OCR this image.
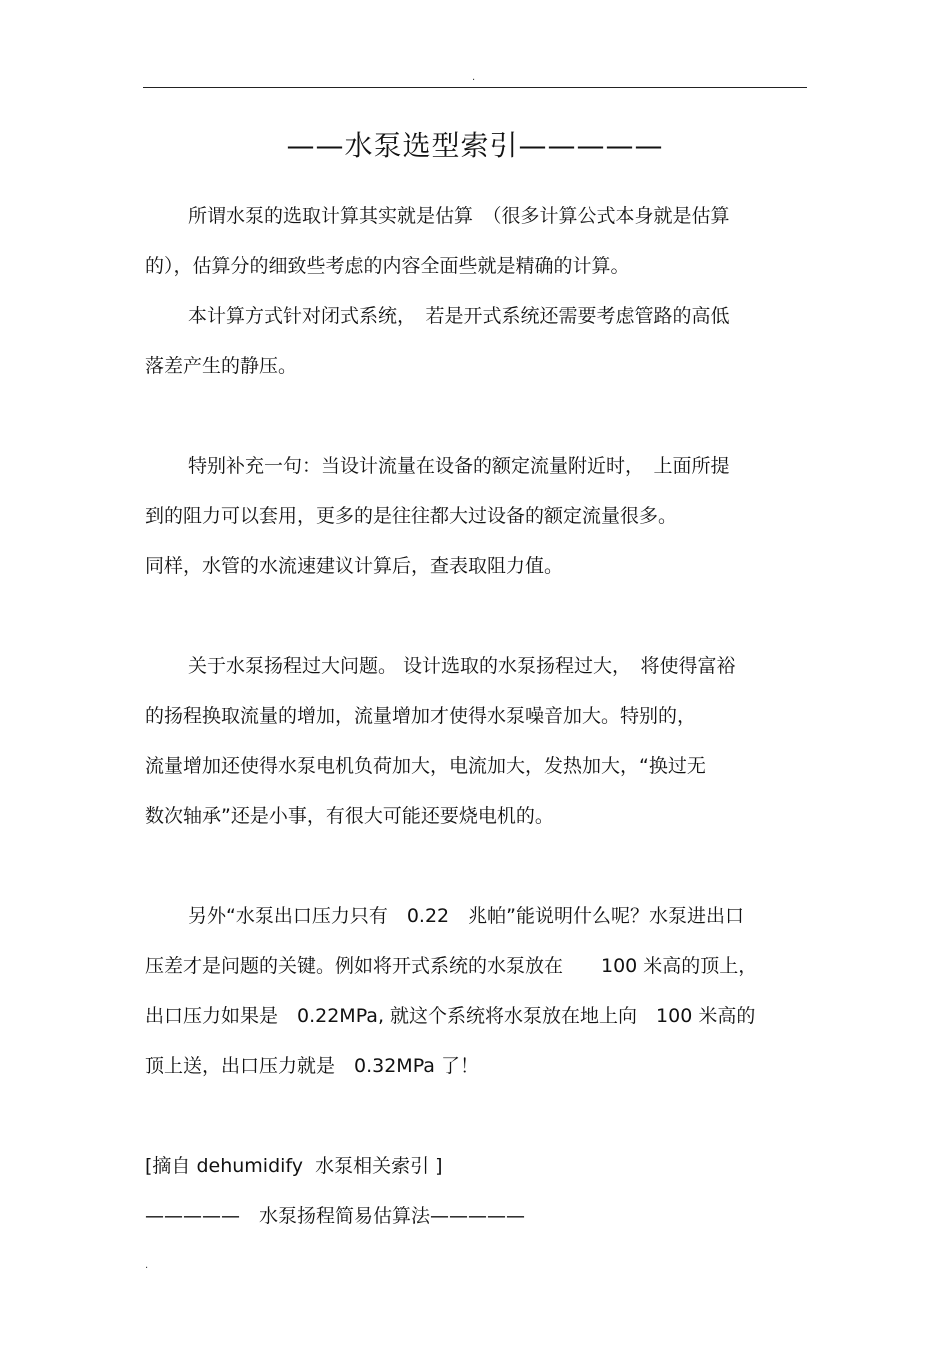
.
——水泵选型索引—————
所谓水泵的选取计算其实就是估算　（很多计算公式本身就是估算
的），估算分的细致些考虑的内容全面些就是精确的计算。
本计算方式针对闭式系统，　若是开式系统还需要考虑管路的高低
落差产生的静压。
特别补充一句：当设计流量在设备的额定流量附近时，　上面所提
到的阻力可以套用，更多的是往往都大过设备的额定流量很多。
同样，水管的水流速建议计算后，查表取阻力值。
关于水泵扬程过大问题。 设计选取的水泵扬程过大，　将使得富裕
的扬程换取流量的增加，流量增加才使得水泵噪音加大。特别的，
流量增加还使得水泵电机负荷加大，电流加大，发热加大，“换过无
数次轴承”还是小事，有很大可能还要烧电机的。
另外“水泵出口压力只有　0.22　兆帕”能说明什么呢？水泵进出口
压差才是问题的关键。例如将开式系统的水泵放在　　100 米高的顶上，
出口压力如果是　0.22MPa, 就这个系统将水泵放在地上向　100 米高的
顶上送，出口压力就是　0.32MPa 了！
[摘自 dehumidify  水泵相关索引 ]
—————　水泵扬程简易估算法—————
.
